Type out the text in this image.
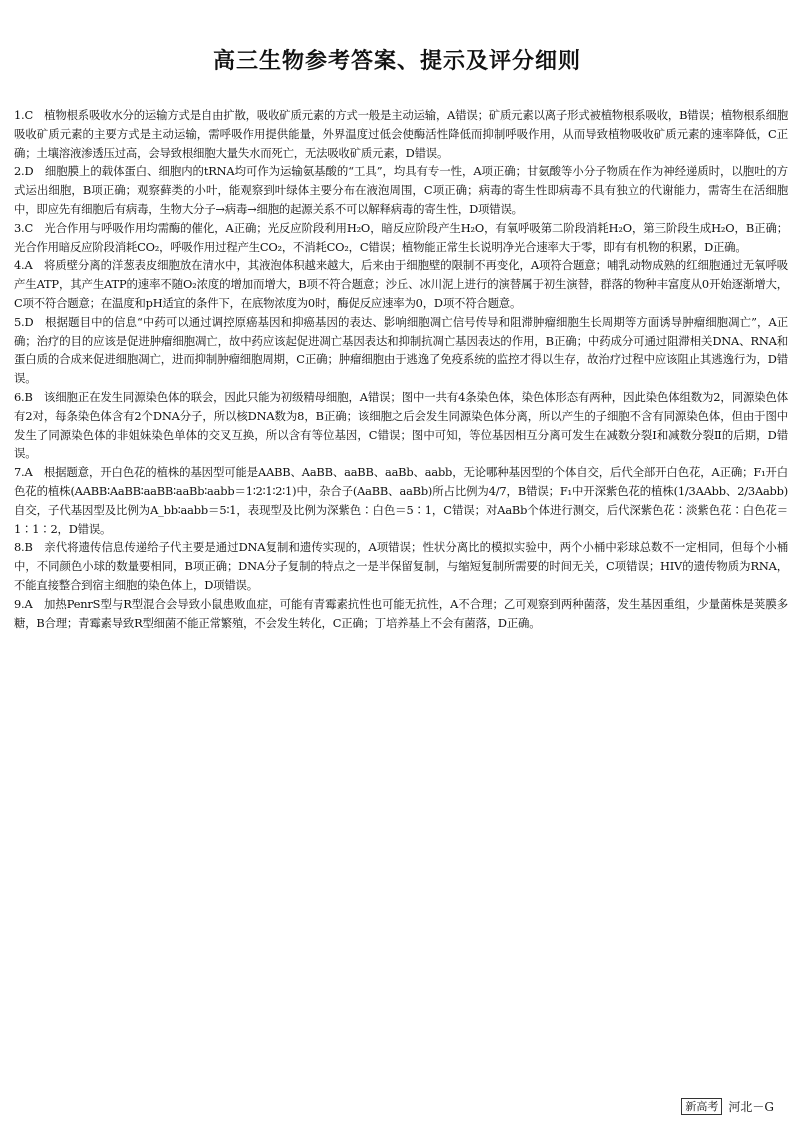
高三生物参考答案、提示及评分细则

1.C　植物根系吸收水分的运输方式是自由扩散，吸收矿质元素的方式一般是主动运输，A错误；矿质元素以离子形式被植物根系吸收，B错误；植物根系细胞吸收矿质元素的主要方式是主动运输，需呼吸作用提供能量，外界温度过低会使酶活性降低而抑制呼吸作用，从而导致植物吸收矿质元素的速率降低，C正确；土壤溶液渗透压过高，会导致根细胞大量失水而死亡，无法吸收矿质元素，D错误。

2.D　细胞膜上的载体蛋白、细胞内的tRNA均可作为运输氨基酸的“工具”，均具有专一性，A项正确；甘氨酸等小分子物质在作为神经递质时，以胞吐的方式运出细胞，B项正确；观察藓类的小叶，能观察到叶绿体主要分布在液泡周围，C项正确；病毒的寄生性即病毒不具有独立的代谢能力，需寄生在活细胞中，即应先有细胞后有病毒，生物大分子→病毒→细胞的起源关系不可以解释病毒的寄生性，D项错误。

3.C　光合作用与呼吸作用均需酶的催化，A正确；光反应阶段利用H₂O，暗反应阶段产生H₂O，有氧呼吸第二阶段消耗H₂O，第三阶段生成H₂O，B正确；光合作用暗反应阶段消耗CO₂，呼吸作用过程产生CO₂，不消耗CO₂，C错误；植物能正常生长说明净光合速率大于零，即有有机物的积累，D正确。

4.A　将质壁分离的洋葱表皮细胞放在清水中，其液泡体积越来越大，后来由于细胞壁的限制不再变化，A项符合题意；哺乳动物成熟的红细胞通过无氧呼吸产生ATP，其产生ATP的速率不随O₂浓度的增加而增大，B项不符合题意；沙丘、冰川泥上进行的演替属于初生演替，群落的物种丰富度从0开始逐渐增大，C项不符合题意；在温度和pH适宜的条件下，在底物浓度为0时，酶促反应速率为0，D项不符合题意。

5.D　根据题目中的信息“中药可以通过调控原癌基因和抑癌基因的表达、影响细胞凋亡信号传导和阻滞肿瘤细胞生长周期等方面诱导肿瘤细胞凋亡”，A正确；治疗的目的应该是促进肿瘤细胞凋亡，故中药应该起促进凋亡基因表达和抑制抗凋亡基因表达的作用，B正确；中药成分可通过阻滞相关DNA、RNA和蛋白质的合成来促进细胞凋亡，进而抑制肿瘤细胞周期，C正确；肿瘤细胞由于逃逸了免疫系统的监控才得以生存，故治疗过程中应该阻止其逃逸行为，D错误。

6.B　该细胞正在发生同源染色体的联会，因此只能为初级精母细胞，A错误；图中一共有4条染色体，染色体形态有两种，因此染色体组数为2，同源染色体有2对，每条染色体含有2个DNA分子，所以核DNA数为8，B正确；该细胞之后会发生同源染色体分离，所以产生的子细胞不含有同源染色体，但由于图中发生了同源染色体的非姐妹染色单体的交叉互换，所以含有等位基因，C错误；图中可知，等位基因相互分离可发生在减数分裂Ⅰ和减数分裂Ⅱ的后期，D错误。

7.A　根据题意，开白色花的植株的基因型可能是AABB、AaBB、aaBB、aaBb、aabb，无论哪种基因型的个体自交，后代全部开白色花，A正确；F₁开白色花的植株(AABB∶AaBB∶aaBB∶aaBb∶aabb＝1∶2∶1∶2∶1)中，杂合子(AaBB、aaBb)所占比例为4/7，B错误；F₁中开深紫色花的植株(1/3AAbb、2/3Aabb)自交，子代基因型及比例为A_bb∶aabb＝5∶1，表现型及比例为深紫色∶白色＝5∶1，C错误；对AaBb个体进行测交，后代深紫色花∶淡紫色花∶白色花＝1∶1∶2，D错误。

8.B　亲代将遗传信息传递给子代主要是通过DNA复制和遗传实现的，A项错误；性状分离比的模拟实验中，两个小桶中彩球总数不一定相同，但每个小桶中，不同颜色小球的数量要相同，B项正确；DNA分子复制的特点之一是半保留复制，与缩短复制所需要的时间无关，C项错误；HIV的遗传物质为RNA，不能直接整合到宿主细胞的染色体上，D项错误。

9.A　加热PenrS型与R型混合会导致小鼠患败血症，可能有青霉素抗性也可能无抗性，A不合理；乙可观察到两种菌落，发生基因重组，少量菌株是荚膜多糖，B合理；青霉素导致R型细菌不能正常繁殖，不会发生转化，C正确；丁培养基上不会有菌落，D正确。

新高考 河北－G
